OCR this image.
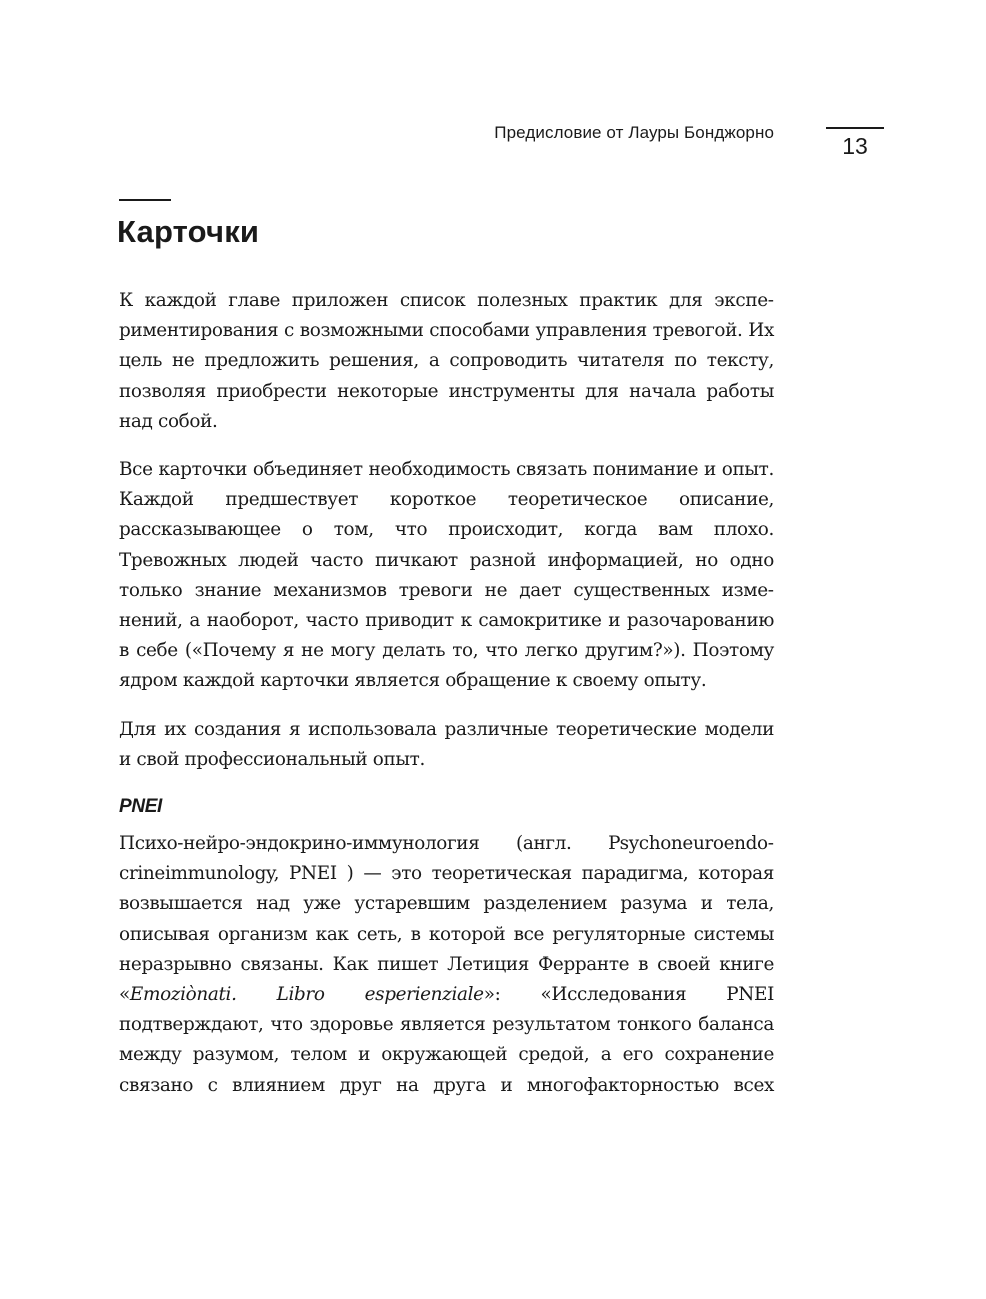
Предисловие от Лауры Бонджорно
13
Карточки

К каждой главе приложен список полезных практик для экспериментирования с возможными способами управления тревогой. Их цель не предложить решения, а сопроводить читателя по тексту, позволяя приобрести некоторые инструменты для начала работы над собой.

Все карточки объединяет необходимость связать понимание и опыт. Каждой предшествует короткое теоретическое описание, рассказывающее о том, что происходит, когда вам плохо. Тревожных людей часто пичкают разной информацией, но одно только знание механизмов тревоги не дает существенных изменений, а наоборот, часто приводит к самокритике и разочарованию в себе («Почему я не могу делать то, что легко другим?»). Поэтому ядром каждой карточки является обращение к своему опыту.

Для их создания я использовала различные теоретические модели и свой профессиональный опыт.

PNEI

Психо-нейро-эндокрино-иммунология (англ. Psychoneuroendocrineimmunology, PNEI ) — это теоретическая парадигма, которая возвышается над уже устаревшим разделением разума и тела, описывая организм как сеть, в которой все регуляторные системы неразрывно связаны. Как пишет Летиция Ферранте в своей книге «Emoziònati. Libro esperienziale»: «Исследования PNEI подтверждают, что здоровье является результатом тонкого баланса между разумом, телом и окружающей средой, а его сохранение связано с влиянием друг на друга и многофакторностью всех
